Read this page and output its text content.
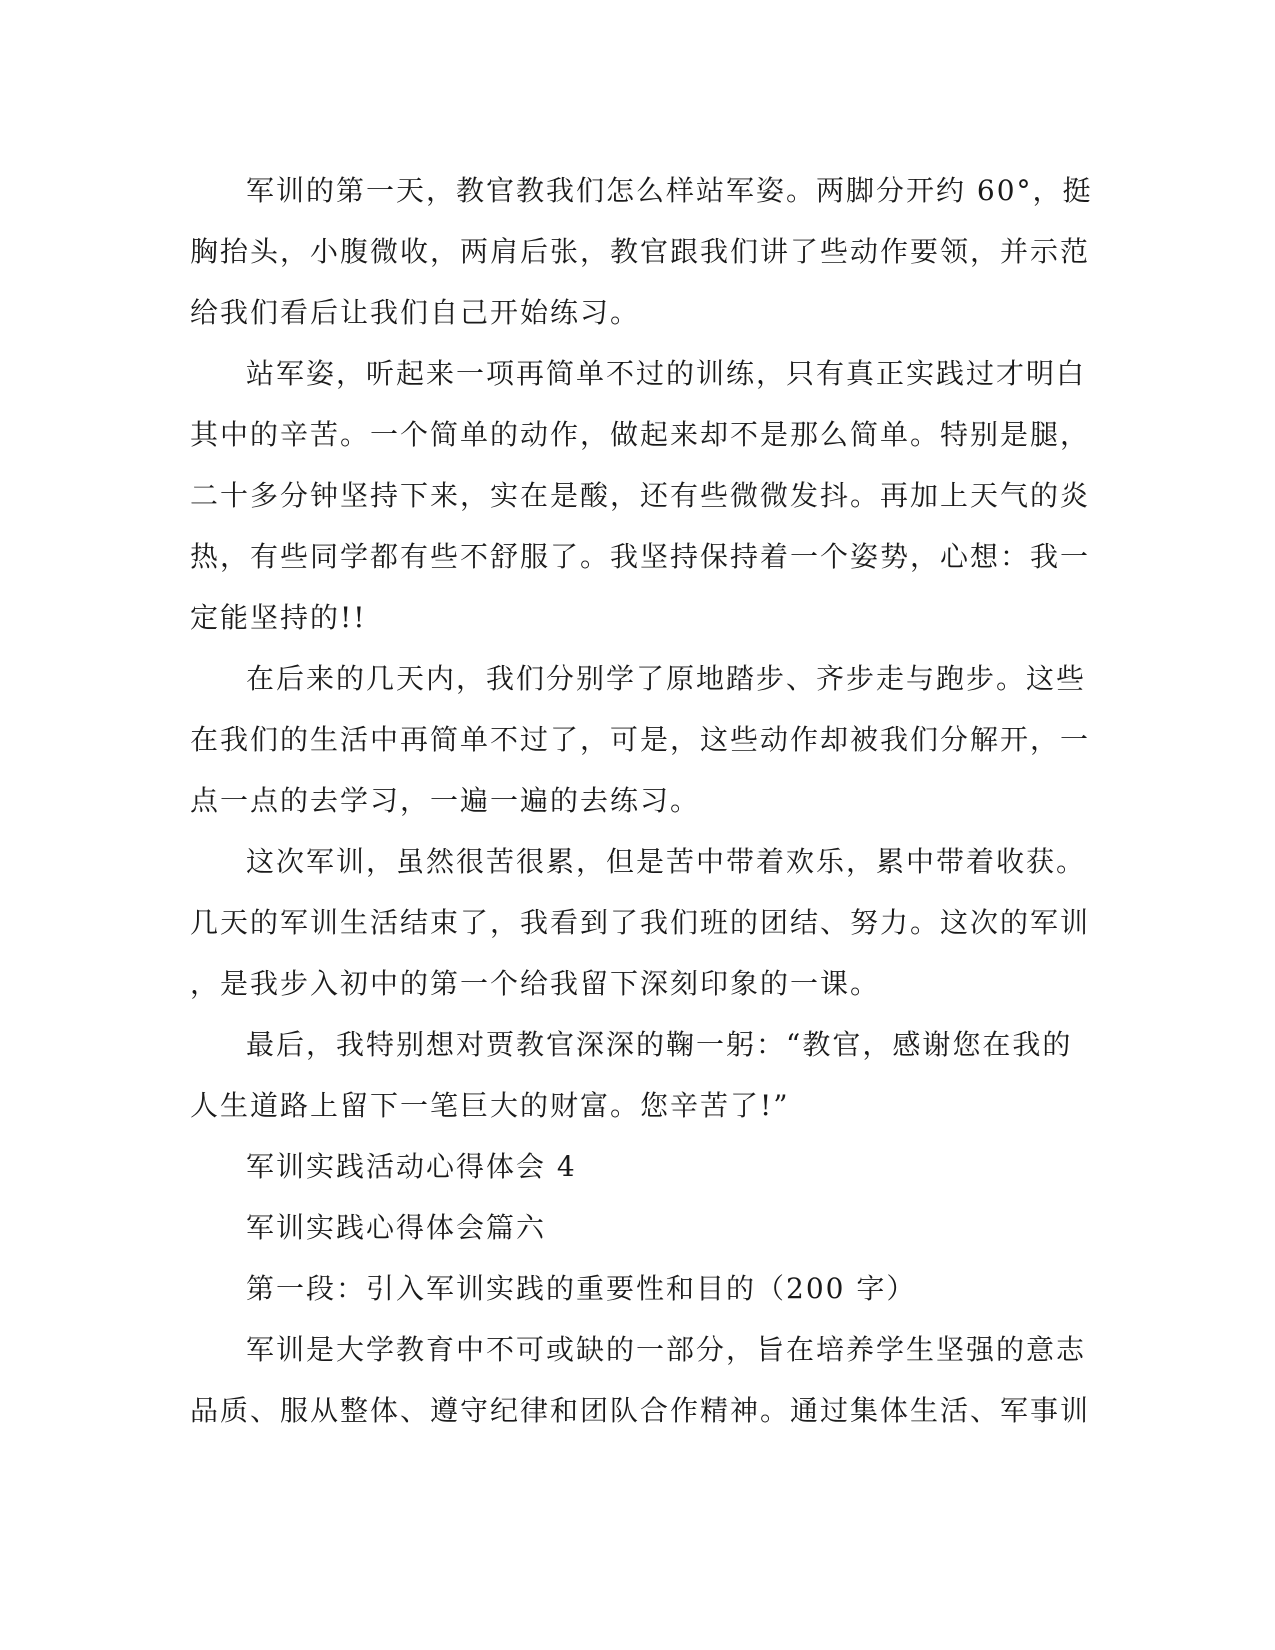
军训的第一天，教官教我们怎么样站军姿。两脚分开约 60°，挺
胸抬头，小腹微收，两肩后张，教官跟我们讲了些动作要领，并示范
给我们看后让我们自己开始练习。

站军姿，听起来一项再简单不过的训练，只有真正实践过才明白
其中的辛苦。一个简单的动作，做起来却不是那么简单。特别是腿，
二十多分钟坚持下来，实在是酸，还有些微微发抖。再加上天气的炎
热，有些同学都有些不舒服了。我坚持保持着一个姿势，心想：我一
定能坚持的!!

在后来的几天内，我们分别学了原地踏步、齐步走与跑步。这些
在我们的生活中再简单不过了，可是，这些动作却被我们分解开，一
点一点的去学习，一遍一遍的去练习。

这次军训，虽然很苦很累，但是苦中带着欢乐，累中带着收获。
几天的军训生活结束了，我看到了我们班的团结、努力。这次的军训
，是我步入初中的第一个给我留下深刻印象的一课。

最后，我特别想对贾教官深深的鞠一躬：“教官，感谢您在我的
人生道路上留下一笔巨大的财富。您辛苦了!”

军训实践活动心得体会 4

军训实践心得体会篇六

第一段：引入军训实践的重要性和目的（200 字）

军训是大学教育中不可或缺的一部分，旨在培养学生坚强的意志
品质、服从整体、遵守纪律和团队合作精神。通过集体生活、军事训
